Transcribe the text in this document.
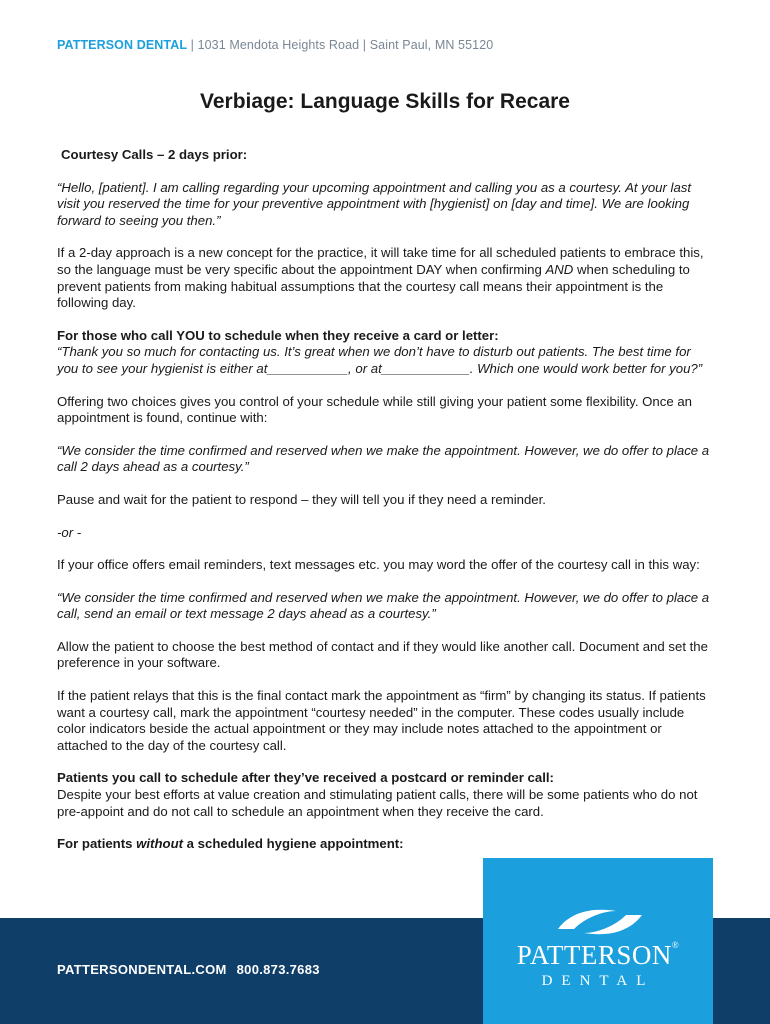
PATTERSON DENTAL | 1031 Mendota Heights Road | Saint Paul, MN 55120
Verbiage: Language Skills for Recare

Courtesy Calls – 2 days prior:

“Hello, [patient]. I am calling regarding your upcoming appointment and calling you as a courtesy. At your last visit you reserved the time for your preventive appointment with [hygienist] on [day and time]. We are looking forward to seeing you then.”

If a 2-day approach is a new concept for the practice, it will take time for all scheduled patients to embrace this, so the language must be very specific about the appointment DAY when confirming AND when scheduling to prevent patients from making habitual assumptions that the courtesy call means their appointment is the following day.

For those who call YOU to schedule when they receive a card or letter:

“Thank you so much for contacting us. It’s great when we don’t have to disturb out patients. The best time for you to see your hygienist is either at___________, or at____________. Which one would work better for you?”

Offering two choices gives you control of your schedule while still giving your patient some flexibility. Once an appointment is found, continue with:

“We consider the time confirmed and reserved when we make the appointment. However, we do offer to place a call 2 days ahead as a courtesy.”

Pause and wait for the patient to respond – they will tell you if they need a reminder.

-or -

If your office offers email reminders, text messages etc. you may word the offer of the courtesy call in this way:

“We consider the time confirmed and reserved when we make the appointment. However, we do offer to place a call, send an email or text message 2 days ahead as a courtesy.”

Allow the patient to choose the best method of contact and if they would like another call. Document and set the preference in your software.

If the patient relays that this is the final contact mark the appointment as “firm” by changing its status. If patients want a courtesy call, mark the appointment “courtesy needed” in the computer. These codes usually include color indicators beside the actual appointment or they may include notes attached to the appointment or attached to the day of the courtesy call.

Patients you call to schedule after they’ve received a postcard or reminder call:

Despite your best efforts at value creation and stimulating patient calls, there will be some patients who do not pre-appoint and do not call to schedule an appointment when they receive the card.

For patients without a scheduled hygiene appointment:

PATTERSONDENTAL.COM 800.873.7683	PATTERSON®
DENTAL
